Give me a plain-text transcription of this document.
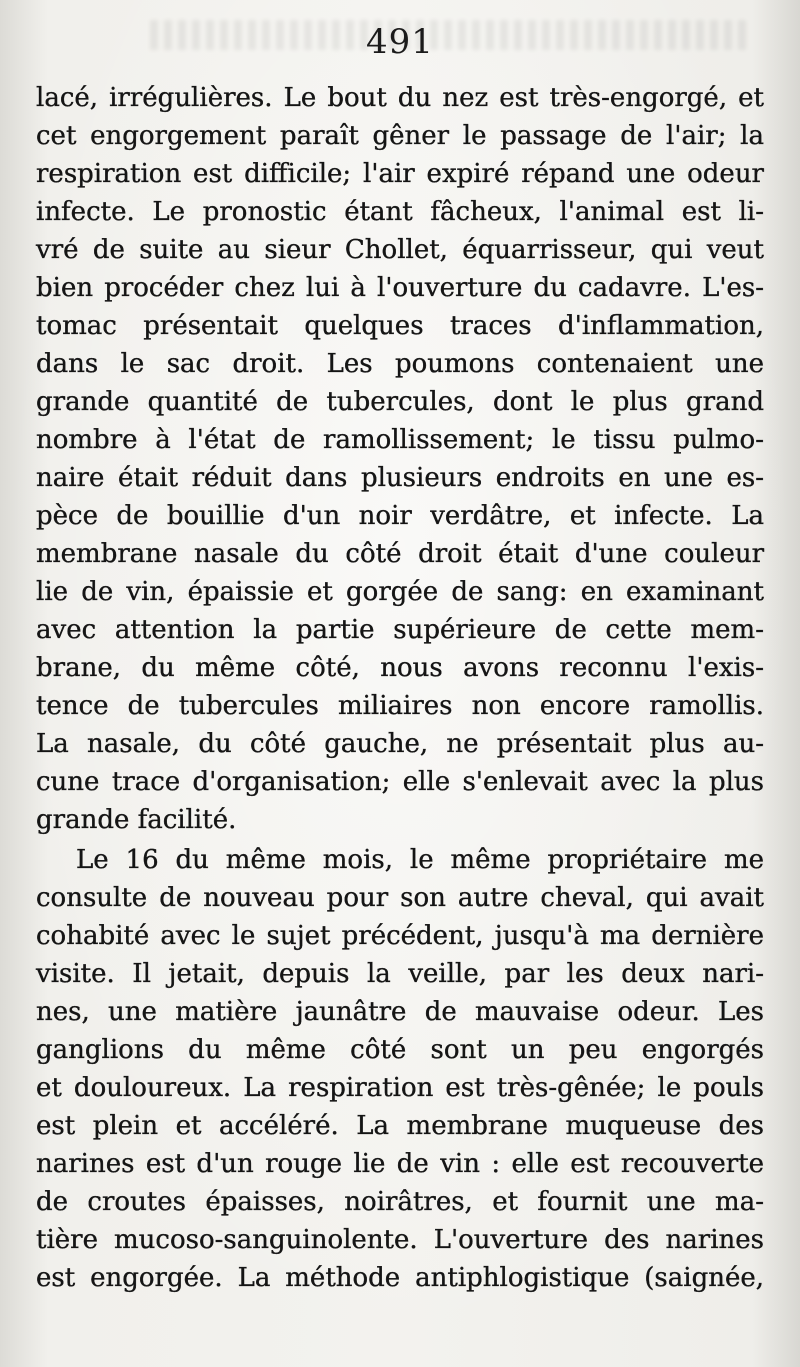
491
lacé, irrégulières. Le bout du nez est très-engorgé, et
cet engorgement paraît gêner le passage de l'air; la
respiration est difficile; l'air expiré répand une odeur
infecte. Le pronostic étant fâcheux, l'animal est li-
vré de suite au sieur Chollet, équarrisseur, qui veut
bien procéder chez lui à l'ouverture du cadavre. L'es-
tomac présentait quelques traces d'inflammation,
dans le sac droit. Les poumons contenaient une
grande quantité de tubercules, dont le plus grand
nombre à l'état de ramollissement; le tissu pulmo-
naire était réduit dans plusieurs endroits en une es-
pèce de bouillie d'un noir verdâtre, et infecte. La
membrane nasale du côté droit était d'une couleur
lie de vin, épaissie et gorgée de sang: en examinant
avec attention la partie supérieure de cette mem-
brane, du même côté, nous avons reconnu l'exis-
tence de tubercules miliaires non encore ramollis.
La nasale, du côté gauche, ne présentait plus au-
cune trace d'organisation; elle s'enlevait avec la plus
grande facilité.
Le 16 du même mois, le même propriétaire me
consulte de nouveau pour son autre cheval, qui avait
cohabité avec le sujet précédent, jusqu'à ma dernière
visite. Il jetait, depuis la veille, par les deux nari-
nes, une matière jaunâtre de mauvaise odeur. Les
ganglions du même côté sont un peu engorgés
et douloureux. La respiration est très-gênée; le pouls
est plein et accéléré. La membrane muqueuse des
narines est d'un rouge lie de vin : elle est recouverte
de croutes épaisses, noirâtres, et fournit une ma-
tière mucoso-sanguinolente. L'ouverture des narines
est engorgée. La méthode antiphlogistique (saignée,
